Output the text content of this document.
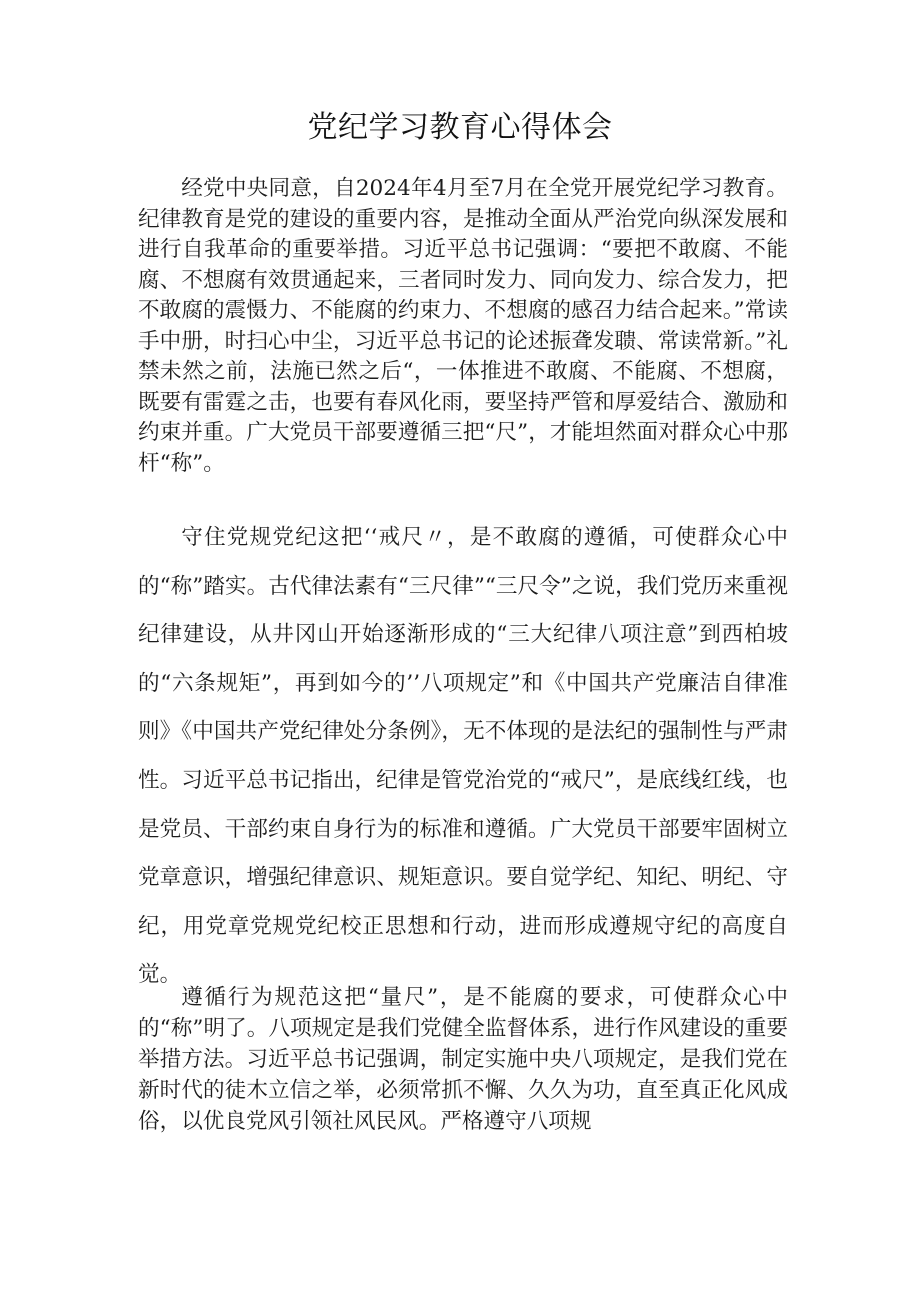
党纪学习教育心得体会

经党中央同意，自2024年4月至7月在全党开展党纪学习教育。纪律教育是党的建设的重要内容，是推动全面从严治党向纵深发展和进行自我革命的重要举措。习近平总书记强调：“要把不敢腐、不能腐、不想腐有效贯通起来，三者同时发力、同向发力、综合发力，把不敢腐的震慑力、不能腐的约束力、不想腐的感召力结合起来。”常读手中册，时扫心中尘，习近平总书记的论述振聋发聩、常读常新。”礼禁未然之前，法施已然之后“，一体推进不敢腐、不能腐、不想腐，既要有雷霆之击，也要有春风化雨，要坚持严管和厚爱结合、激励和约束并重。广大党员干部要遵循三把“尺”，才能坦然面对群众心中那杆“称”。

守住党规党纪这把‘‘戒尺〃，是不敢腐的遵循，可使群众心中的“称”踏实。古代律法素有“三尺律”“三尺令”之说，我们党历来重视纪律建设，从井冈山开始逐渐形成的“三大纪律八项注意”到西柏坡的“六条规矩”，再到如今的’’八项规定”和《中国共产党廉洁自律准则》《中国共产党纪律处分条例》，无不体现的是法纪的强制性与严肃性。习近平总书记指出，纪律是管党治党的“戒尺”，是底线红线，也是党员、干部约束自身行为的标准和遵循。广大党员干部要牢固树立党章意识，增强纪律意识、规矩意识。要自觉学纪、知纪、明纪、守纪，用党章党规党纪校正思想和行动，进而形成遵规守纪的高度自觉。

遵循行为规范这把“量尺”，是不能腐的要求，可使群众心中的“称”明了。八项规定是我们党健全监督体系，进行作风建设的重要举措方法。习近平总书记强调，制定实施中央八项规定，是我们党在新时代的徒木立信之举，必须常抓不懈、久久为功，直至真正化风成俗，以优良党风引领社风民风。严格遵守八项规
